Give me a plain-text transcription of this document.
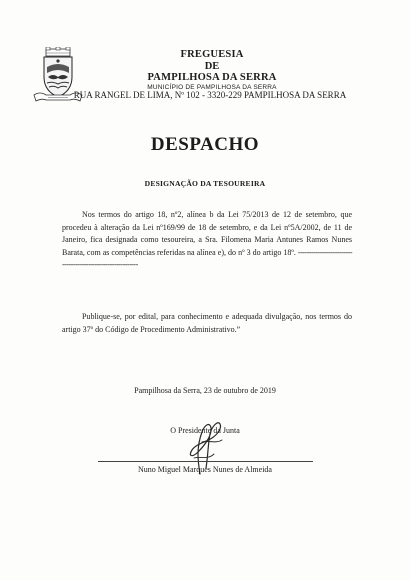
FREGUESIA
DE
PAMPILHOSA DA SERRA
MUNICÍPIO DE PAMPILHOSA DA SERRA
RUA RANGEL DE LIMA, Nº 102 - 3320-229 PAMPILHOSA DA SERRA
DESPACHO
DESIGNAÇÃO DA TESOUREIRA
Nos termos do artigo 18, nº2, alínea b da Lei 75/2013 de 12 de setembro, que procedeu à alteração da Lei nº169/99 de 18 de setembro, e da Lei nº5A/2002, de 11 de Janeiro, fica designada como tesoureira, a Sra. Filomena Maria Antunes Ramos Nunes Barata, com as competências referidas na alínea e), do nº 3 do artigo 18º. ------------------------------------------------------------
Publique-se, por edital, para conhecimento e adequada divulgação, nos termos do artigo 37º do Código de Procedimento Administrativo.”
Pampilhosa da Serra, 23 de outubro de 2019
O Presidente da Junta
Nuno Miguel Marques Nunes de Almeida
